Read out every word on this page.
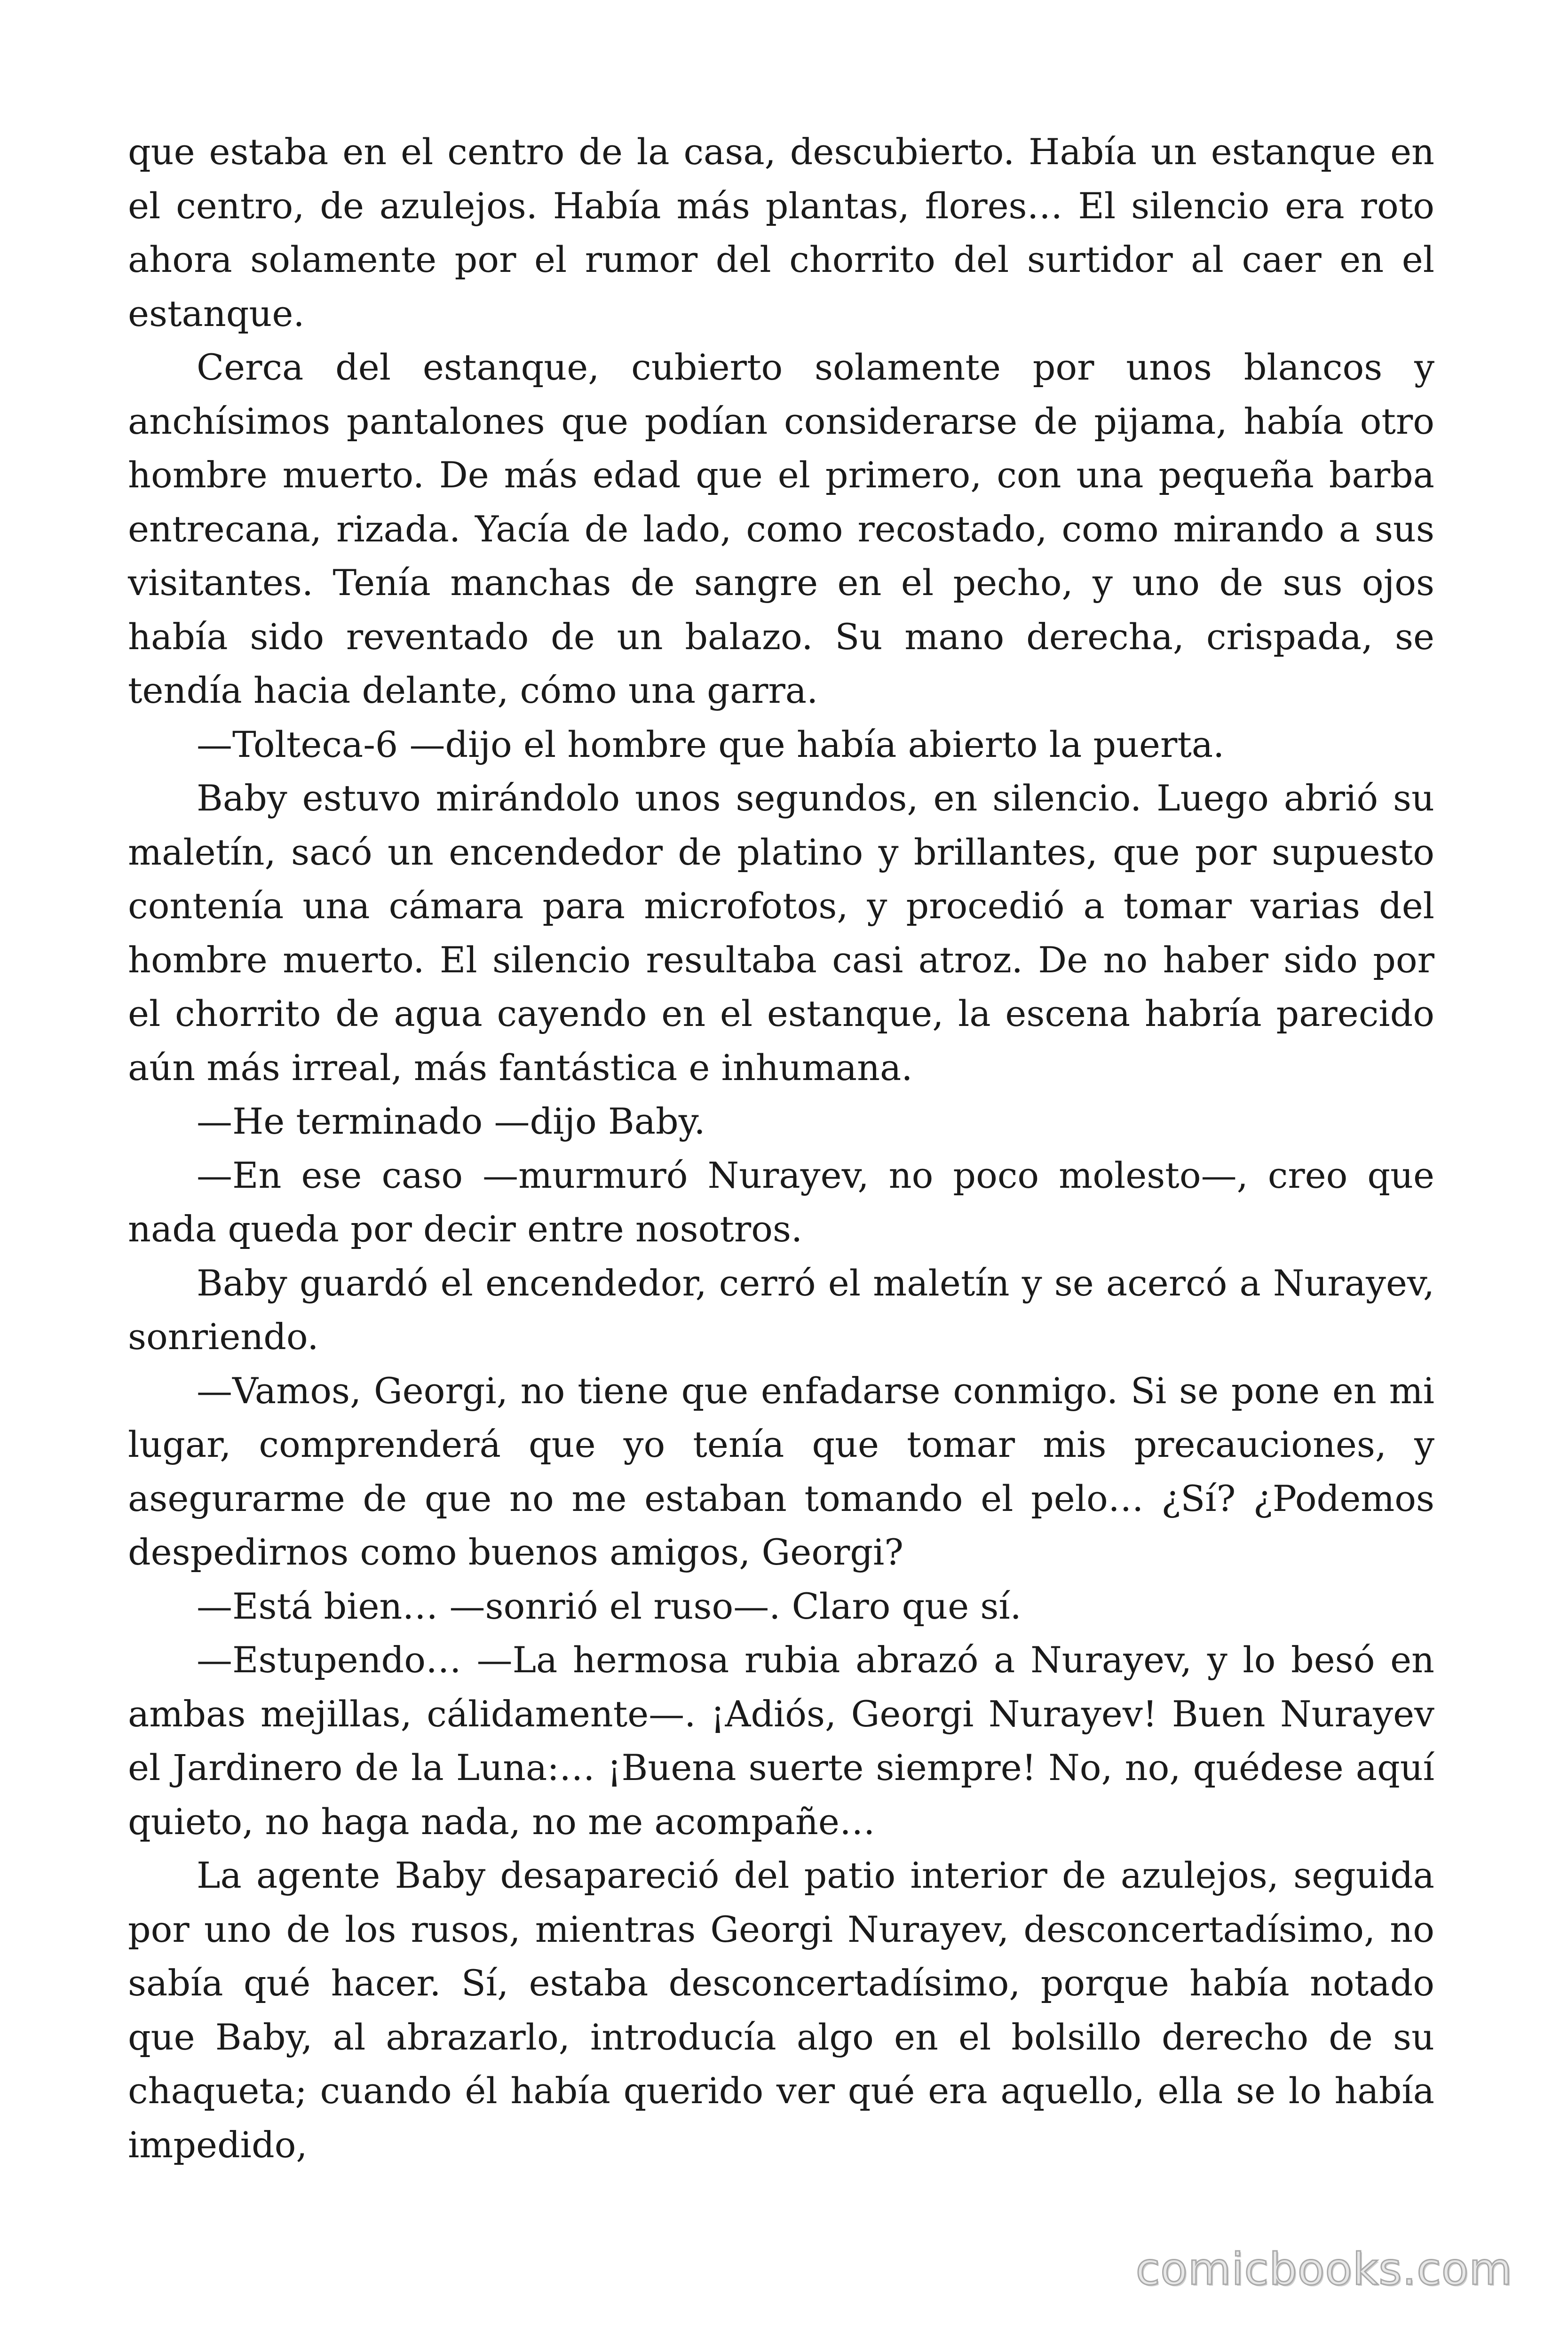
que estaba en el centro de la casa, descubierto. Había un estanque en el centro, de azulejos. Había más plantas, flores… El silencio era roto ahora solamente por el rumor del chorrito del surtidor al caer en el estanque.

Cerca del estanque, cubierto solamente por unos blancos y anchísimos pantalones que podían considerarse de pijama, había otro hombre muerto. De más edad que el primero, con una pequeña barba entrecana, rizada. Yacía de lado, como recostado, como mirando a sus visitantes. Tenía manchas de sangre en el pecho, y uno de sus ojos había sido reventado de un balazo. Su mano derecha, crispada, se tendía hacia delante, cómo una garra.

—Tolteca-6 —dijo el hombre que había abierto la puerta.

Baby estuvo mirándolo unos segundos, en silencio. Luego abrió su maletín, sacó un encendedor de platino y brillantes, que por supuesto contenía una cámara para microfotos, y procedió a tomar varias del hombre muerto. El silencio resultaba casi atroz. De no haber sido por el chorrito de agua cayendo en el estanque, la escena habría parecido aún más irreal, más fantástica e inhumana.

—He terminado —dijo Baby.

—En ese caso —murmuró Nurayev, no poco molesto—, creo que nada queda por decir entre nosotros.

Baby guardó el encendedor, cerró el maletín y se acercó a Nurayev, sonriendo.

—Vamos, Georgi, no tiene que enfadarse conmigo. Si se pone en mi lugar, comprenderá que yo tenía que tomar mis precauciones, y asegurarme de que no me estaban tomando el pelo… ¿Sí? ¿Podemos despedirnos como buenos amigos, Georgi?

—Está bien… —sonrió el ruso—. Claro que sí.

—Estupendo… —La hermosa rubia abrazó a Nurayev, y lo besó en ambas mejillas, cálidamente—. ¡Adiós, Georgi Nurayev! Buen Nurayev el Jardinero de la Luna:… ¡Buena suerte siempre! No, no, quédese aquí quieto, no haga nada, no me acompañe…

La agente Baby desapareció del patio interior de azulejos, seguida por uno de los rusos, mientras Georgi Nurayev, desconcertadísimo, no sabía qué hacer. Sí, estaba desconcertadísimo, porque había notado que Baby, al abrazarlo, introducía algo en el bolsillo derecho de su chaqueta; cuando él había querido ver qué era aquello, ella se lo había impedido,

comicbooks.com
